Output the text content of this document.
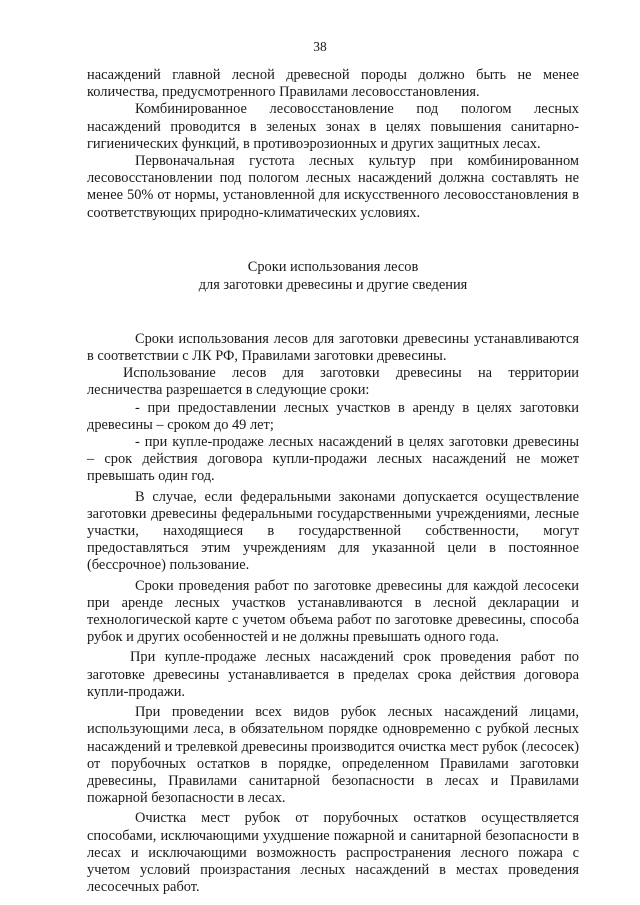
38

насаждений главной лесной древесной породы должно быть не менее количества, предусмотренного Правилами лесовосстановления.

Комбинированное лесовосстановление под пологом лесных насаждений проводится в зеленых зонах в целях повышения санитарно-гигиенических функций, в противоэрозионных и других защитных лесах.

Первоначальная густота лесных культур при комбинированном лесовосстановлении под пологом лесных насаждений должна составлять не менее 50% от нормы, установленной для искусственного лесовосстановления в соответствующих природно-климатических условиях.

Сроки использования лесов
для заготовки древесины и другие сведения

Сроки использования лесов для заготовки древесины устанавливаются в соответствии с ЛК РФ, Правилами заготовки древесины.

Использование лесов для заготовки древесины на территории лесничества разрешается в следующие сроки:

- при предоставлении лесных участков в аренду в целях заготовки древесины – сроком до 49 лет;

- при купле-продаже лесных насаждений в целях заготовки древесины – срок действия договора купли-продажи лесных насаждений не может превышать один год.

В случае, если федеральными законами допускается осуществление заготовки древесины федеральными государственными учреждениями, лесные участки, находящиеся в государственной собственности, могут предоставляться этим учреждениям для указанной цели в постоянное (бессрочное) пользование.

Сроки проведения работ по заготовке древесины для каждой лесосеки при аренде лесных участков устанавливаются в лесной декларации и технологической карте с учетом объема работ по заготовке древесины, способа рубок и других особенностей и не должны превышать одного года.

При купле-продаже лесных насаждений срок проведения работ по заготовке древесины устанавливается в пределах срока действия договора купли-продажи.

При проведении всех видов рубок лесных насаждений лицами, использующими леса, в обязательном порядке одновременно с рубкой лесных насаждений и трелевкой древесины производится очистка мест рубок (лесосек) от порубочных остатков в порядке, определенном Правилами заготовки древесины, Правилами санитарной безопасности в лесах и Правилами пожарной безопасности в лесах.

Очистка мест рубок от порубочных остатков осуществляется способами, исключающими ухудшение пожарной и санитарной безопасности в лесах и исключающими возможность распространения лесного пожара с учетом условий произрастания лесных насаждений в местах проведения лесосечных работ.
